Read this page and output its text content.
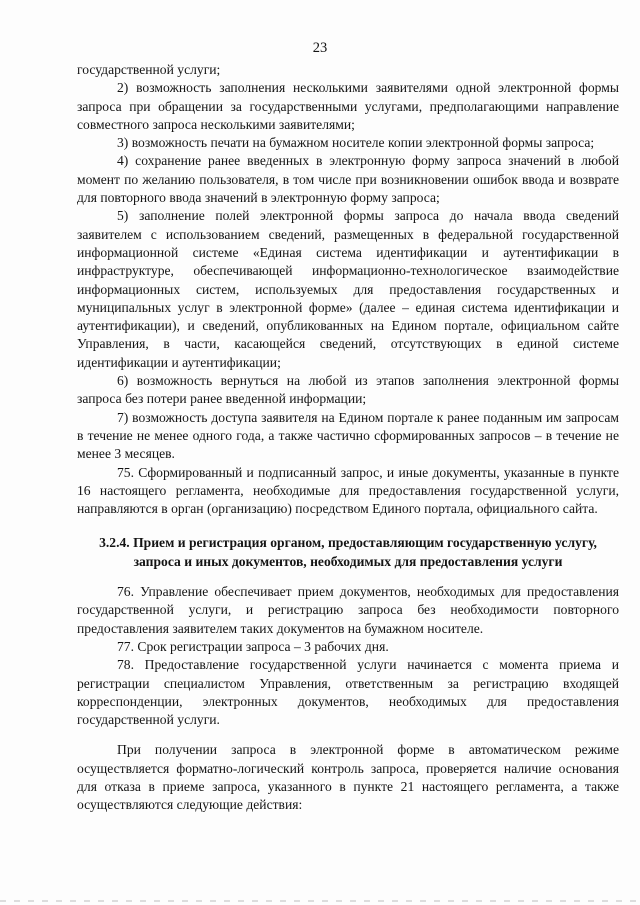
23

государственной услуги;

2) возможность заполнения несколькими заявителями одной электронной формы запроса при обращении за государственными услугами, предполагающими направление совместного запроса несколькими заявителями;

3) возможность печати на бумажном носителе копии электронной формы запроса;

4) сохранение ранее введенных в электронную форму запроса значений в любой момент по желанию пользователя, в том числе при возникновении ошибок ввода и возврате для повторного ввода значений в электронную форму запроса;

5) заполнение полей электронной формы запроса до начала ввода сведений заявителем с использованием сведений, размещенных в федеральной государственной информационной системе «Единая система идентификации и аутентификации в инфраструктуре, обеспечивающей информационно-технологическое взаимодействие информационных систем, используемых для предоставления государственных и муниципальных услуг в электронной форме» (далее – единая система идентификации и аутентификации), и сведений, опубликованных на Едином портале, официальном сайте Управления, в части, касающейся сведений, отсутствующих в единой системе идентификации и аутентификации;

6) возможность вернуться на любой из этапов заполнения электронной формы запроса без потери ранее введенной информации;

7) возможность доступа заявителя на Едином портале к ранее поданным им запросам в течение не менее одного года, а также частично сформированных запросов – в течение не менее 3 месяцев.

75. Сформированный и подписанный запрос, и иные документы, указанные в пункте 16 настоящего регламента, необходимые для предоставления государственной услуги, направляются в орган (организацию) посредством Единого портала, официального сайта.

3.2.4. Прием и регистрация органом, предоставляющим государственную услугу, запроса и иных документов, необходимых для предоставления услуги

76. Управление обеспечивает прием документов, необходимых для предоставления государственной услуги, и регистрацию запроса без необходимости повторного предоставления заявителем таких документов на бумажном носителе.

77. Срок регистрации запроса – 3 рабочих дня.

78. Предоставление государственной услуги начинается с момента приема и регистрации специалистом Управления, ответственным за регистрацию входящей корреспонденции, электронных документов, необходимых для предоставления государственной услуги.

При получении запроса в электронной форме в автоматическом режиме осуществляется форматно-логический контроль запроса, проверяется наличие основания для отказа в приеме запроса, указанного в пункте 21 настоящего регламента, а также осуществляются следующие действия:
